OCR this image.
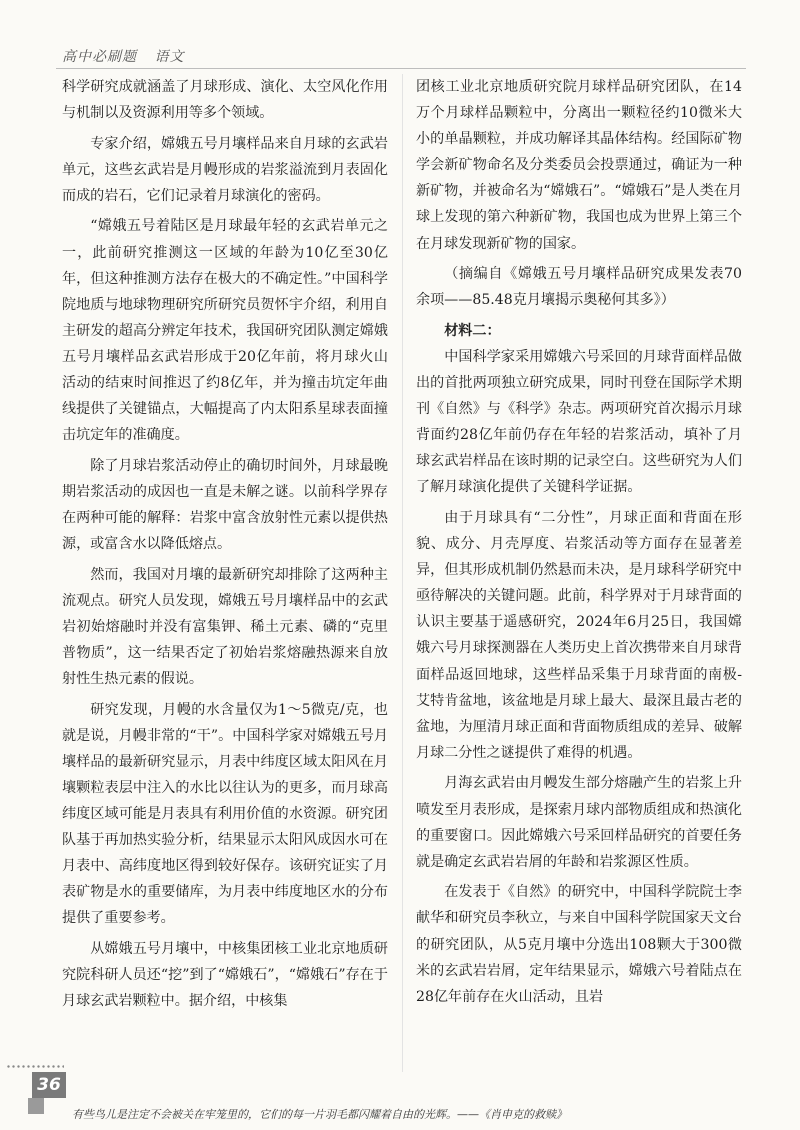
高中必刷题 语文

科学研究成就涵盖了月球形成、演化、太空风化作用与机制以及资源利用等多个领域。

专家介绍，嫦娥五号月壤样品来自月球的玄武岩单元，这些玄武岩是月幔形成的岩浆溢流到月表固化而成的岩石，它们记录着月球演化的密码。

“嫦娥五号着陆区是月球最年轻的玄武岩单元之一，此前研究推测这一区域的年龄为10亿至30亿年，但这种推测方法存在极大的不确定性。”中国科学院地质与地球物理研究所研究员贺怀宇介绍，利用自主研发的超高分辨定年技术，我国研究团队测定嫦娥五号月壤样品玄武岩形成于20亿年前，将月球火山活动的结束时间推迟了约8亿年，并为撞击坑定年曲线提供了关键锚点，大幅提高了内太阳系星球表面撞击坑定年的准确度。

除了月球岩浆活动停止的确切时间外，月球最晚期岩浆活动的成因也一直是未解之谜。以前科学界存在两种可能的解释：岩浆中富含放射性元素以提供热源，或富含水以降低熔点。

然而，我国对月壤的最新研究却排除了这两种主流观点。研究人员发现，嫦娥五号月壤样品中的玄武岩初始熔融时并没有富集钾、稀土元素、磷的“克里普物质”，这一结果否定了初始岩浆熔融热源来自放射性生热元素的假说。

研究发现，月幔的水含量仅为1～5微克/克，也就是说，月幔非常的“干”。中国科学家对嫦娥五号月壤样品的最新研究显示，月表中纬度区域太阳风在月壤颗粒表层中注入的水比以往认为的更多，而月球高纬度区域可能是月表具有利用价值的水资源。研究团队基于再加热实验分析，结果显示太阳风成因水可在月表中、高纬度地区得到较好保存。该研究证实了月表矿物是水的重要储库，为月表中纬度地区水的分布提供了重要参考。

从嫦娥五号月壤中，中核集团核工业北京地质研究院科研人员还“挖”到了“嫦娥石”，“嫦娥石”存在于月球玄武岩颗粒中。据介绍，中核集

团核工业北京地质研究院月球样品研究团队，在14万个月球样品颗粒中，分离出一颗粒径约10微米大小的单晶颗粒，并成功解译其晶体结构。经国际矿物学会新矿物命名及分类委员会投票通过，确证为一种新矿物，并被命名为“嫦娥石”。“嫦娥石”是人类在月球上发现的第六种新矿物，我国也成为世界上第三个在月球发现新矿物的国家。

（摘编自《嫦娥五号月壤样品研究成果发表70余项——85.48克月壤揭示奥秘何其多》）

材料二：

中国科学家采用嫦娥六号采回的月球背面样品做出的首批两项独立研究成果，同时刊登在国际学术期刊《自然》与《科学》杂志。两项研究首次揭示月球背面约28亿年前仍存在年轻的岩浆活动，填补了月球玄武岩样品在该时期的记录空白。这些研究为人们了解月球演化提供了关键科学证据。

由于月球具有“二分性”，月球正面和背面在形貌、成分、月壳厚度、岩浆活动等方面存在显著差异，但其形成机制仍然悬而未决，是月球科学研究中亟待解决的关键问题。此前，科学界对于月球背面的认识主要基于遥感研究，2024年6月25日，我国嫦娥六号月球探测器在人类历史上首次携带来自月球背面样品返回地球，这些样品采集于月球背面的南极-艾特肯盆地，该盆地是月球上最大、最深且最古老的盆地，为厘清月球正面和背面物质组成的差异、破解月球二分性之谜提供了难得的机遇。

月海玄武岩由月幔发生部分熔融产生的岩浆上升喷发至月表形成，是探索月球内部物质组成和热演化的重要窗口。因此嫦娥六号采回样品研究的首要任务就是确定玄武岩岩屑的年龄和岩浆源区性质。

在发表于《自然》的研究中，中国科学院院士李献华和研究员李秋立，与来自中国科学院国家天文台的研究团队，从5克月壤中分选出108颗大于300微米的玄武岩岩屑，定年结果显示，嫦娥六号着陆点在28亿年前存在火山活动，且岩

36
有些鸟儿是注定不会被关在牢笼里的，它们的每一片羽毛都闪耀着自由的光辉。——《肖申克的救赎》
